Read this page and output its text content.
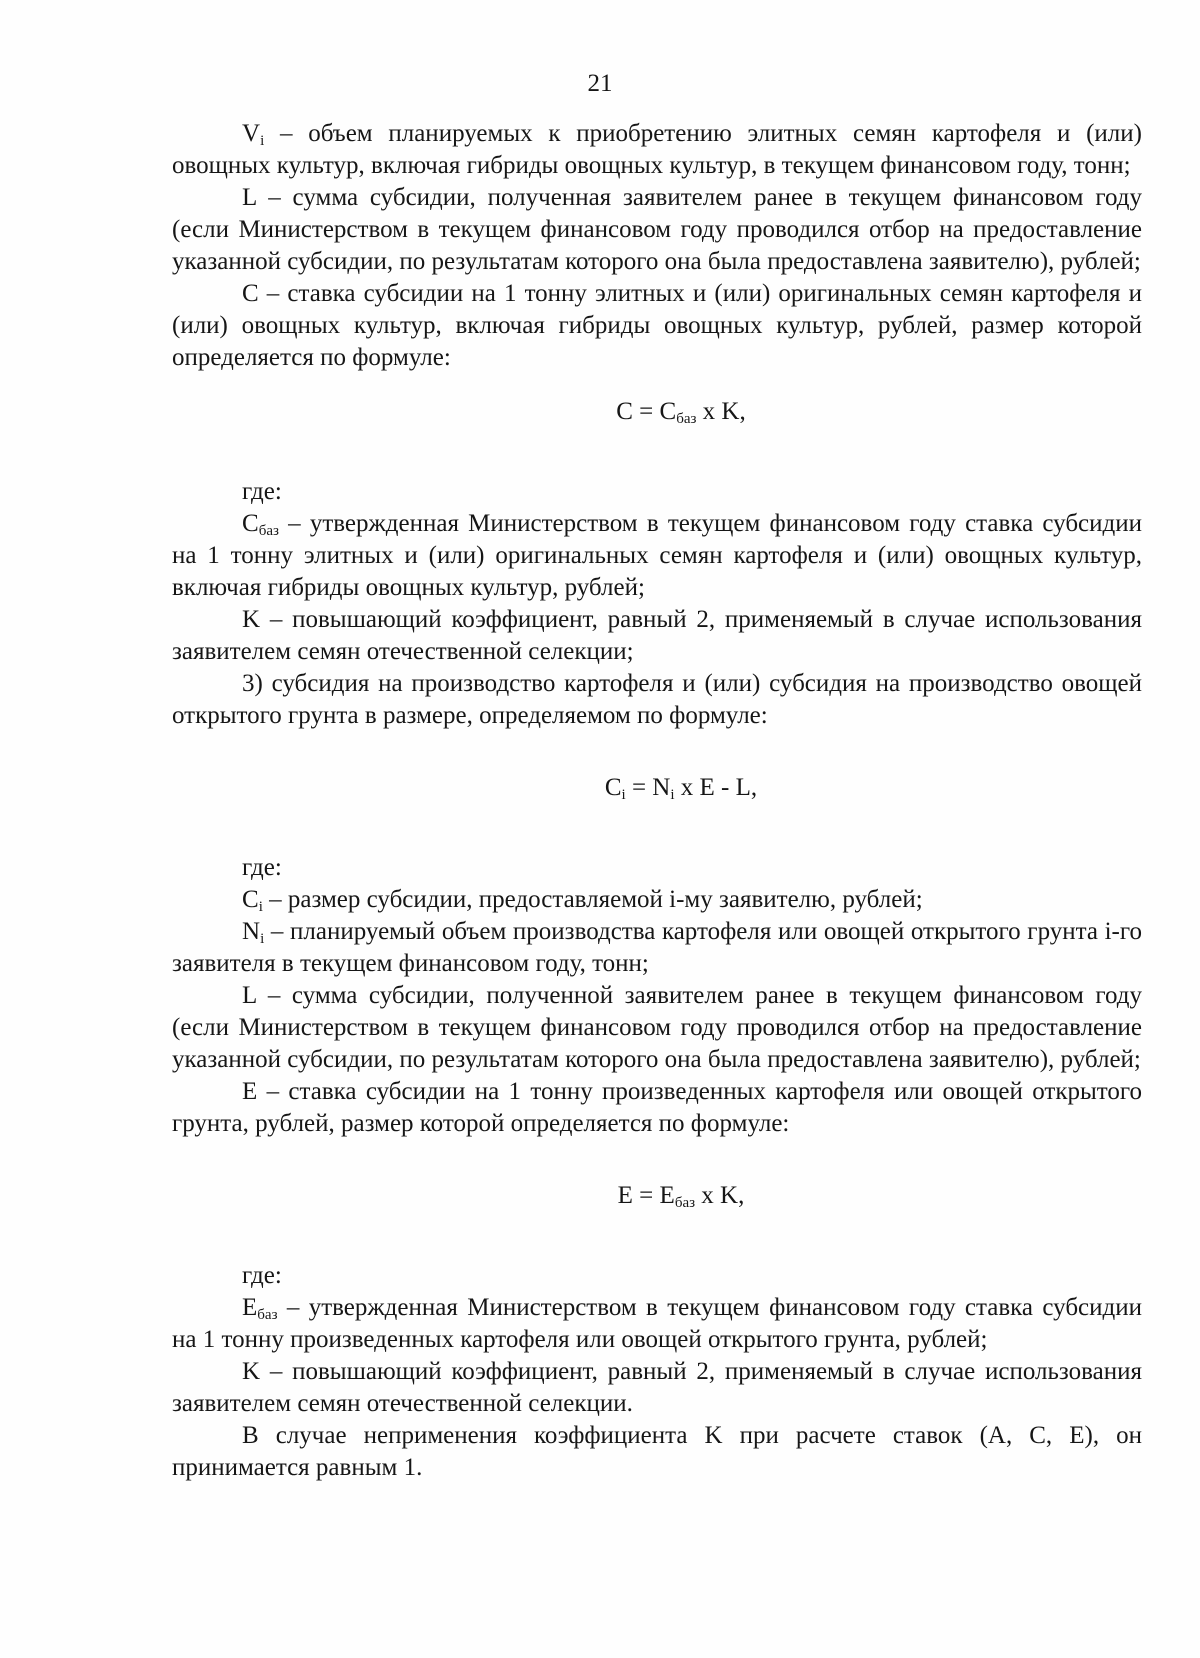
21

$V_i$ – объем планируемых к приобретению элитных семян картофеля и (или) овощных культур, включая гибриды овощных культур, в текущем финансовом году, тонн;

L – сумма субсидии, полученная заявителем ранее в текущем финансовом году (если Министерством в текущем финансовом году проводился отбор на предоставление указанной субсидии, по результатам которого она была предоставлена заявителю), рублей;

С – ставка субсидии на 1 тонну элитных и (или) оригинальных семян картофеля и (или) овощных культур, включая гибриды овощных культур, рублей, размер которой определяется по формуле:

$C = C_{баз}$ x K,

где:

$C_{баз}$ – утвержденная Министерством в текущем финансовом году ставка субсидии на 1 тонну элитных и (или) оригинальных семян картофеля и (или) овощных культур, включая гибриды овощных культур, рублей;

K – повышающий коэффициент, равный 2, применяемый в случае использования заявителем семян отечественной селекции;

3) субсидия на производство картофеля и (или) субсидия на производство овощей открытого грунта в размере, определяемом по формуле:

$C_i = N_i$ x E - L,

где:

$C_i$ – размер субсидии, предоставляемой i-му заявителю, рублей;

$N_i$ – планируемый объем производства картофеля или овощей открытого грунта i-го заявителя в текущем финансовом году, тонн;

L – сумма субсидии, полученной заявителем ранее в текущем финансовом году (если Министерством в текущем финансовом году проводился отбор на предоставление указанной субсидии, по результатам которого она была предоставлена заявителю), рублей;

E – ставка субсидии на 1 тонну произведенных картофеля или овощей открытого грунта, рублей, размер которой определяется по формуле:

$E = E_{баз}$ x K,

где:

$E_{баз}$ – утвержденная Министерством в текущем финансовом году ставка субсидии на 1 тонну произведенных картофеля или овощей открытого грунта, рублей;

K – повышающий коэффициент, равный 2, применяемый в случае использования заявителем семян отечественной селекции.

В случае неприменения коэффициента K при расчете ставок (А, С, Е), он принимается равным 1.
